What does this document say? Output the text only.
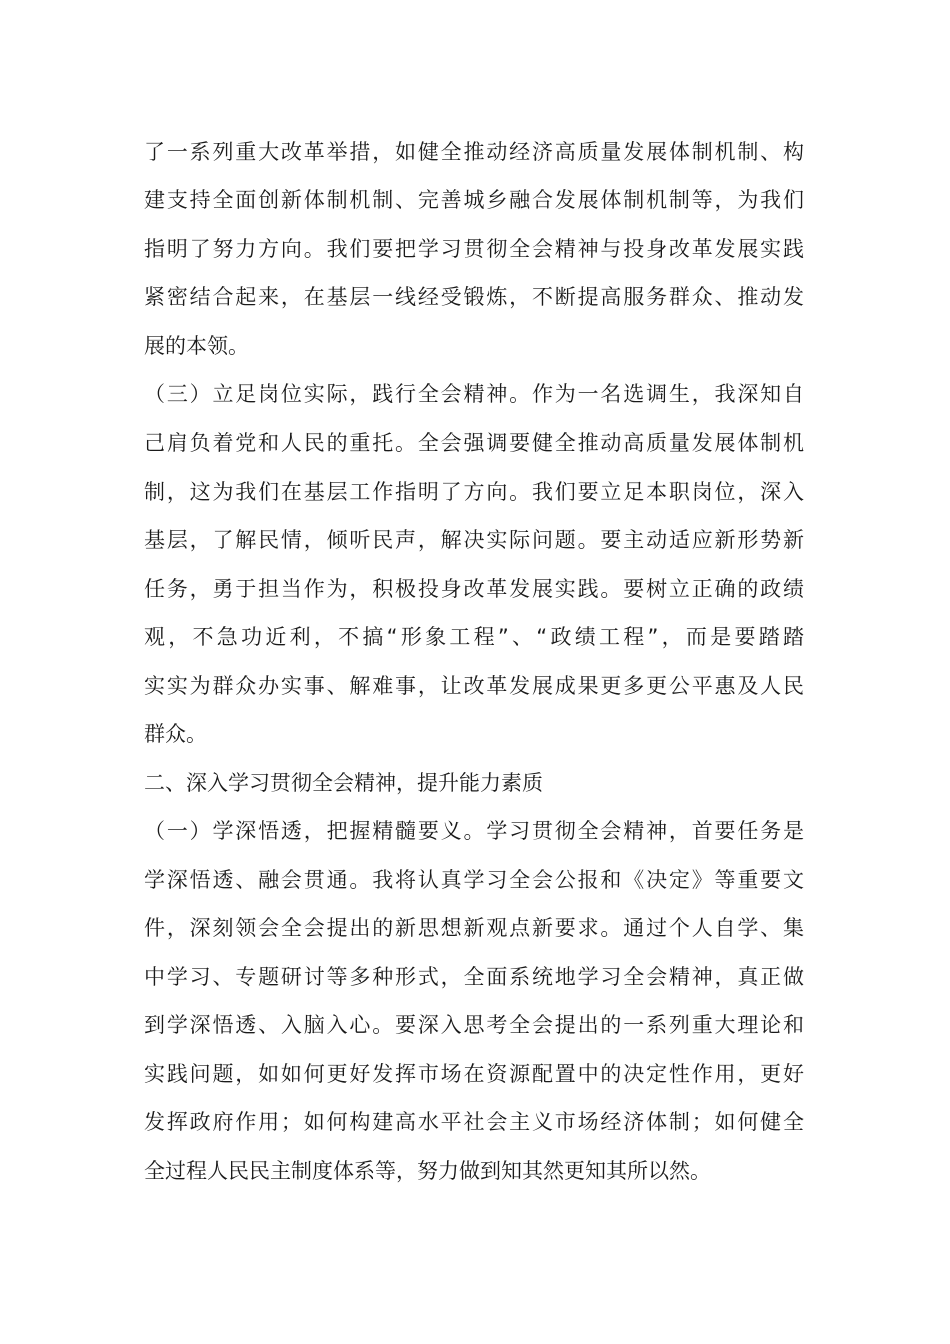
了一系列重大改革举措，如健全推动经济高质量发展体制机制、构
建支持全面创新体制机制、完善城乡融合发展体制机制等，为我们
指明了努力方向。我们要把学习贯彻全会精神与投身改革发展实践
紧密结合起来，在基层一线经受锻炼，不断提高服务群众、推动发
展的本领。
（三）立足岗位实际，践行全会精神。作为一名选调生，我深知自
己肩负着党和人民的重托。全会强调要健全推动高质量发展体制机
制，这为我们在基层工作指明了方向。我们要立足本职岗位，深入
基层，了解民情，倾听民声，解决实际问题。要主动适应新形势新
任务，勇于担当作为，积极投身改革发展实践。要树立正确的政绩
观，不急功近利，不搞“形象工程”、“政绩工程”，而是要踏踏
实实为群众办实事、解难事，让改革发展成果更多更公平惠及人民
群众。
二、深入学习贯彻全会精神，提升能力素质
（一）学深悟透，把握精髓要义。学习贯彻全会精神，首要任务是
学深悟透、融会贯通。我将认真学习全会公报和《决定》等重要文
件，深刻领会全会提出的新思想新观点新要求。通过个人自学、集
中学习、专题研讨等多种形式，全面系统地学习全会精神，真正做
到学深悟透、入脑入心。要深入思考全会提出的一系列重大理论和
实践问题，如如何更好发挥市场在资源配置中的决定性作用，更好
发挥政府作用；如何构建高水平社会主义市场经济体制；如何健全
全过程人民民主制度体系等，努力做到知其然更知其所以然。
